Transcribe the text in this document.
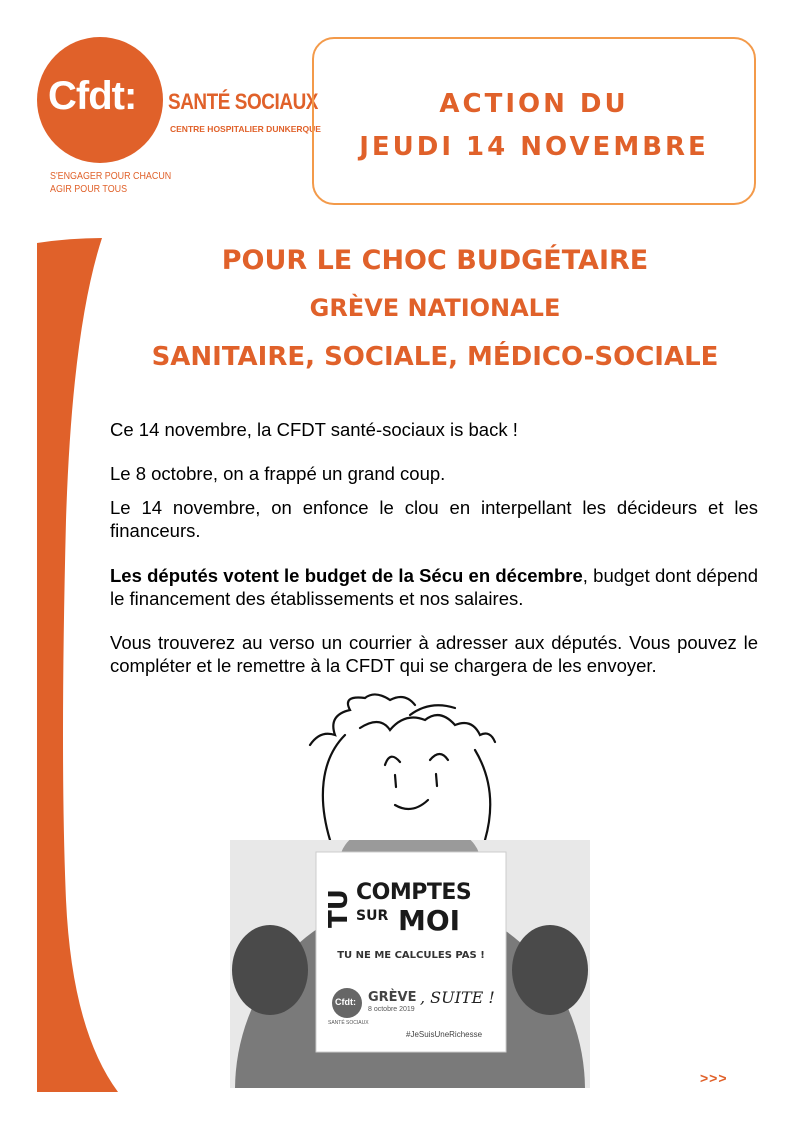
Cfdt: SANTÉ SOCIAUX
CENTRE HOSPITALIER DUNKERQUE
S'ENGAGER POUR CHACUN
AGIR POUR TOUS
ACTION DU
JEUDI 14 NOVEMBRE
POUR LE CHOC BUDGÉTAIRE
GRÈVE NATIONALE
SANITAIRE, SOCIALE, MÉDICO-SOCIALE

Ce 14 novembre, la CFDT santé-sociaux is back !

Le 8 octobre, on a frappé un grand coup.

Le 14 novembre, on enfonce le clou en interpellant les décideurs et les financeurs.

Les députés votent le budget de la Sécu en décembre, budget dont dépend le financement des établissements et nos salaires.

Vous trouverez au verso un courrier à adresser aux députés. Vous pouvez le compléter et le remettre à la CFDT qui se chargera de les envoyer.

TU COMPTES
SUR MOI
TU NE ME CALCULES PAS !
Cfdt:
SANTÉ SOCIAUX
GRÈVE
8 octobre 2019
, SUITE !
#JeSuisUneRichesse
>>>
